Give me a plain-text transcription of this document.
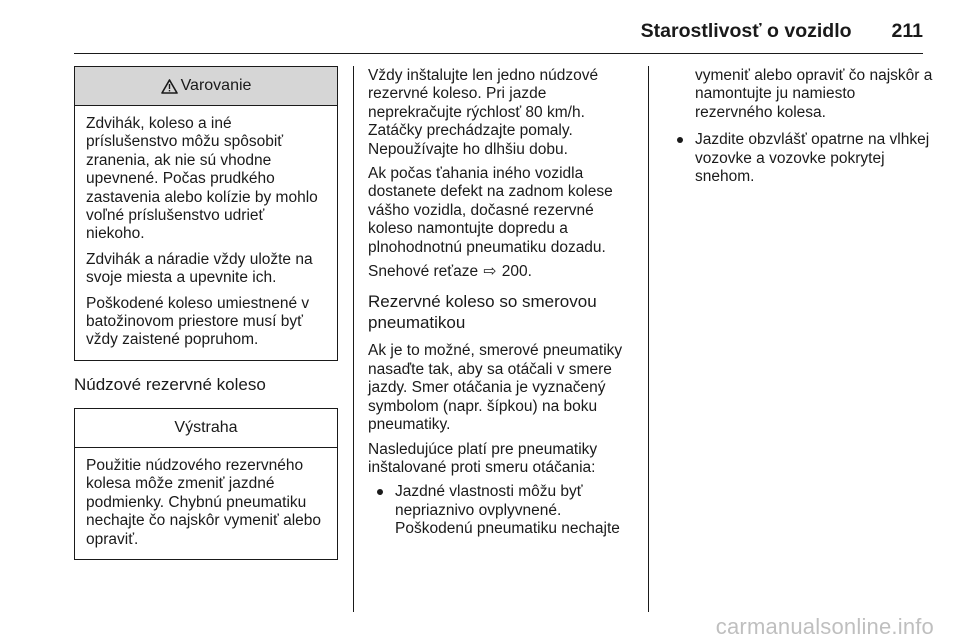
Starostlivosť o vozidlo 211
Varovanie

Zdvihák, koleso a iné príslušenstvo môžu spôsobiť zranenia, ak nie sú vhodne upevnené. Počas prudkého zastavenia alebo kolízie by mohlo voľné príslušenstvo udrieť niekoho.

Zdvihák a náradie vždy uložte na svoje miesta a upevnite ich.

Poškodené koleso umiestnené v batožinovom priestore musí byť vždy zaistené popruhom.

Núdzové rezervné koleso
Výstraha

Použitie núdzového rezervného kolesa môže zmeniť jazdné podmienky. Chybnú pneumatiku nechajte čo najskôr vymeniť alebo opraviť.

Vždy inštalujte len jedno núdzové rezervné koleso. Pri jazde neprekračujte rýchlosť 80 km/h. Zatáčky prechádzajte pomaly. Nepoužívajte ho dlhšiu dobu.

Ak počas ťahania iného vozidla dostanete defekt na zadnom kolese vášho vozidla, dočasné rezervné koleso namontujte dopredu a plnohodnotnú pneumatiku dozadu.

Snehové reťaze ⇨ 200.

Rezervné koleso so smerovou pneumatikou

Ak je to možné, smerové pneumatiky nasaďte tak, aby sa otáčali v smere jazdy. Smer otáčania je vyznačený symbolom (napr. šípkou) na boku pneumatiky.

Nasledujúce platí pre pneumatiky inštalované proti smeru otáčania:

Jazdné vlastnosti môžu byť nepriaznivo ovplyvnené. Poškodenú pneumatiku nechajte

vymeniť alebo opraviť čo najskôr a namontujte ju namiesto rezervného kolesa.

Jazdite obzvlášť opatrne na vlhkej vozovke a vozovke pokrytej snehom.
carmanualsonline.info
